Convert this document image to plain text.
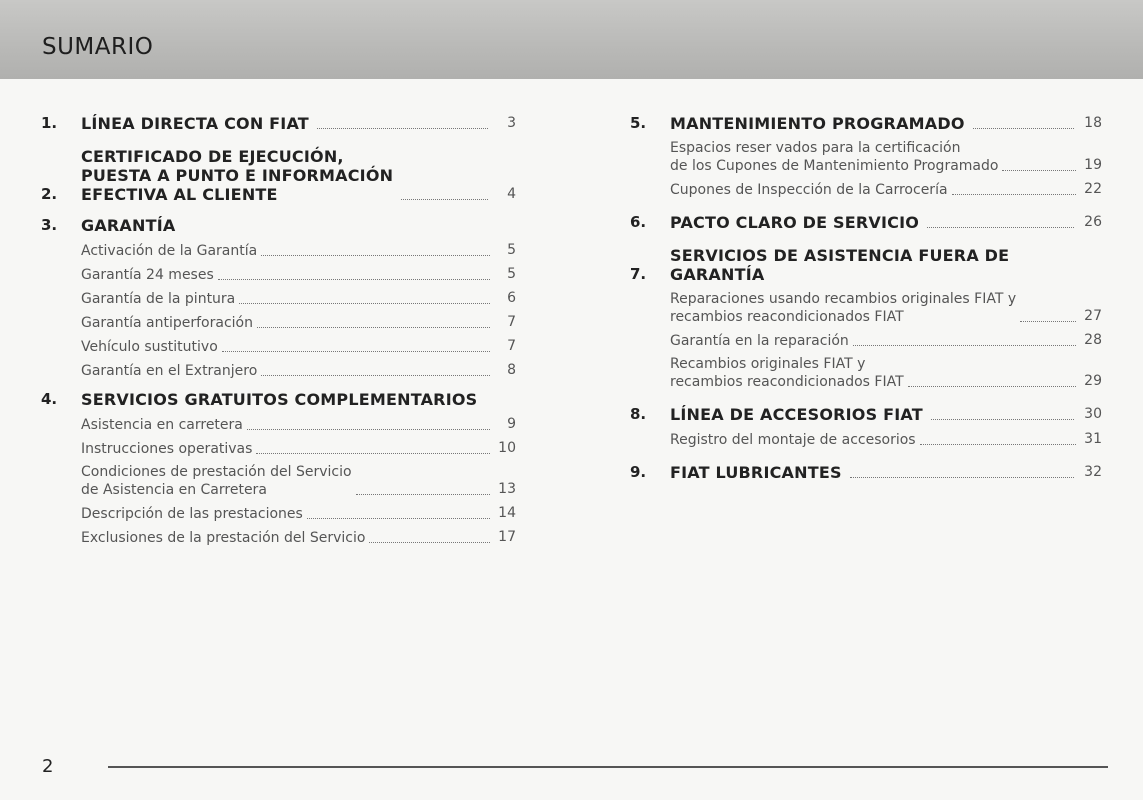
SUMARIO
1.	LÍNEA DIRECTA CON FIAT	3
2.
CERTIFICADO DE EJECUCIÓN,
PUESTA A PUNTO E INFORMACIÓN
EFECTIVA AL CLIENTE	4
3.	GARANTÍA
Activación de la Garantía	5
Garantía 24 meses	5
Garantía de la pintura	6
Garantía antiperforación	7
Vehículo sustitutivo	7
Garantía en el Extranjero	8
4.	SERVICIOS GRATUITOS COMPLEMENTARIOS
Asistencia en carretera	9
Instrucciones operativas	10
Condiciones de prestación del Servicio
de Asistencia en Carretera	13
Descripción de las prestaciones	14
Exclusiones de la prestación del Servicio	17
5.	MANTENIMIENTO PROGRAMADO	18
Espacios reser vados para la certificación
de los Cupones de Mantenimiento Programado	19
Cupones de Inspección de la Carrocería	22
6.	PACTO CLARO DE SERVICIO	26
7.
SERVICIOS DE ASISTENCIA FUERA DE
GARANTÍA
Reparaciones usando recambios originales FIAT y
recambios reacondicionados FIAT	27
Garantía en la reparación	28
Recambios originales FIAT y
recambios reacondicionados FIAT	29
8.	LÍNEA DE ACCESORIOS FIAT	30
Registro del montaje de accesorios	31
9.	FIAT LUBRICANTES	32
2
